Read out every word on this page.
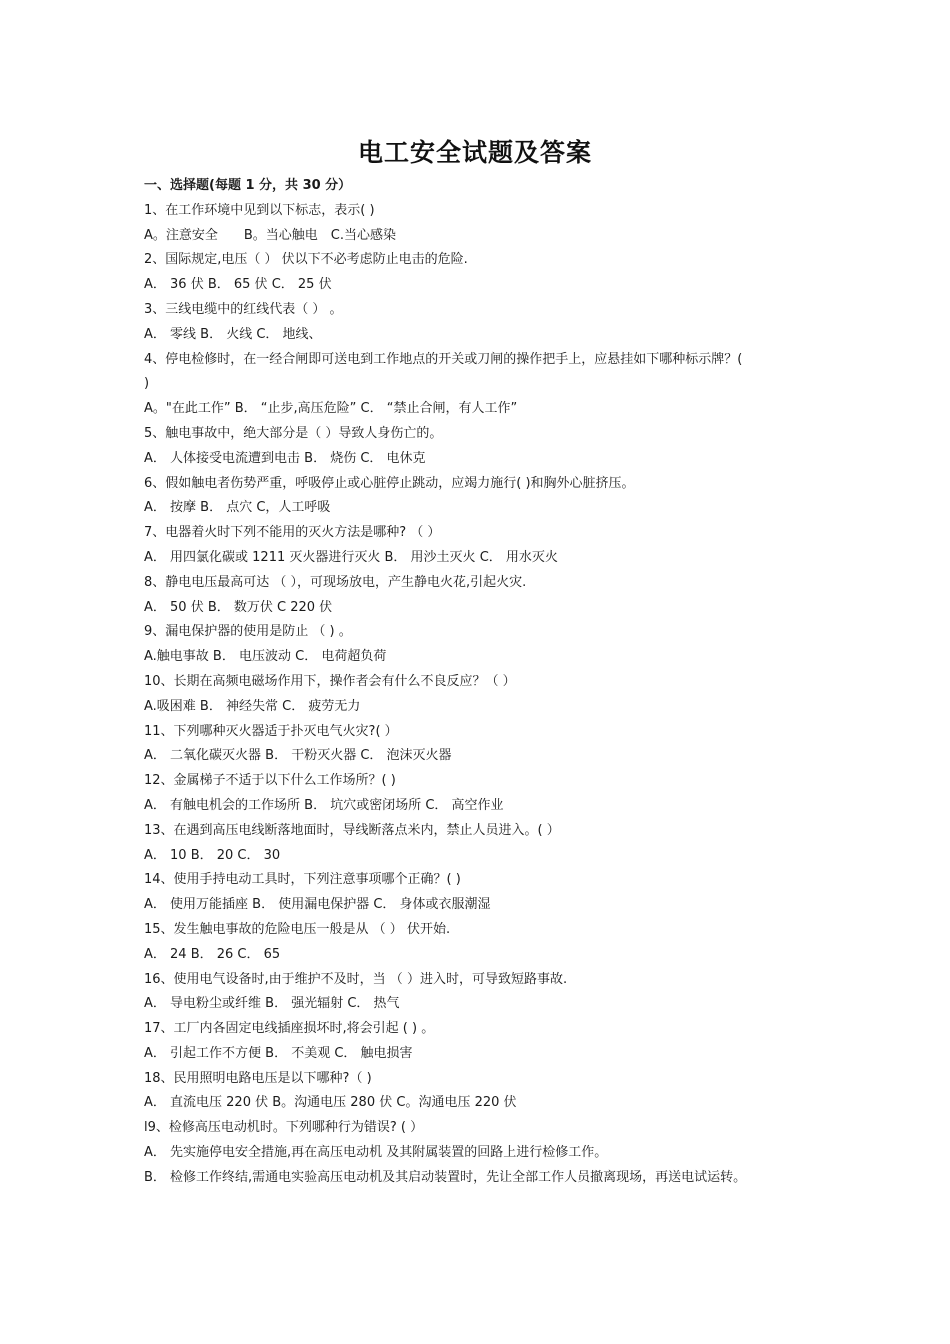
电工安全试题及答案
一、选择题(每题 1 分，共 30 分）
1、在工作环境中见到以下标志，表示( )
A。注意安全　　B。当心触电　C.当心感染
2、国际规定,电压（ ） 伏以下不必考虑防止电击的危险.
A． 36 伏 B． 65 伏 C． 25 伏
3、三线电缆中的红线代表（ ） 。
A． 零线 B． 火线 C． 地线、
4、停电检修时，在一经合闸即可送电到工作地点的开关或刀闸的操作把手上，应悬挂如下哪种标示牌？(
)
A。"在此工作” B． “止步,高压危险” C． “禁止合闸，有人工作”
5、触电事故中，绝大部分是（ ）导致人身伤亡的。
A． 人体接受电流遭到电击 B． 烧伤 C． 电休克
6、假如触电者伤势严重，呼吸停止或心脏停止跳动，应竭力施行( )和胸外心脏挤压。
A． 按摩 B． 点穴 C，人工呼吸
7、电器着火时下列不能用的灭火方法是哪种? （ ）
A． 用四氯化碳或 1211 灭火器进行灭火 B． 用沙土灭火 C． 用水灭火
8、静电电压最高可达 （ ），可现场放电，产生静电火花,引起火灾.
A． 50 伏 B． 数万伏 C 220 伏
9、漏电保护器的使用是防止 （ ) 。
A.触电事故 B． 电压波动 C． 电荷超负荷
10、长期在高频电磁场作用下，操作者会有什么不良反应？（ ）
A.吸困难 B． 神经失常 C． 疲劳无力
11、下列哪种灭火器适于扑灭电气火灾?( ）
A． 二氧化碳灭火器 B． 干粉灭火器 C． 泡沫灭火器
12、金属梯子不适于以下什么工作场所？( )
A． 有触电机会的工作场所 B． 坑穴或密闭场所 C． 高空作业
13、在遇到高压电线断落地面时，导线断落点米内，禁止人员进入。( ）
A． 10 B． 20 C． 30
14、使用手持电动工具时，下列注意事项哪个正确？( )
A． 使用万能插座 B． 使用漏电保护器 C． 身体或衣服潮湿
15、发生触电事故的危险电压一般是从 （ ） 伏开始.
A． 24 B． 26 C． 65
16、使用电气设备时,由于维护不及时，当 （ ）进入时，可导致短路事故.
A． 导电粉尘或纤维 B． 强光辐射 C． 热气
17、工厂内各固定电线插座损坏时,将会引起 ( ) 。
A． 引起工作不方便 B． 不美观 C． 触电损害
18、民用照明电路电压是以下哪种?（ )
A． 直流电压 220 伏 B。沟通电压 280 伏 C。沟通电压 220 伏
l9、检修高压电动机时。下列哪种行为错误? ( ）
A． 先实施停电安全措施,再在高压电动机 及其附属装置的回路上进行检修工作。
B． 检修工作终结,需通电实验高压电动机及其启动装置时，先让全部工作人员撤离现场，再送电试运转。
